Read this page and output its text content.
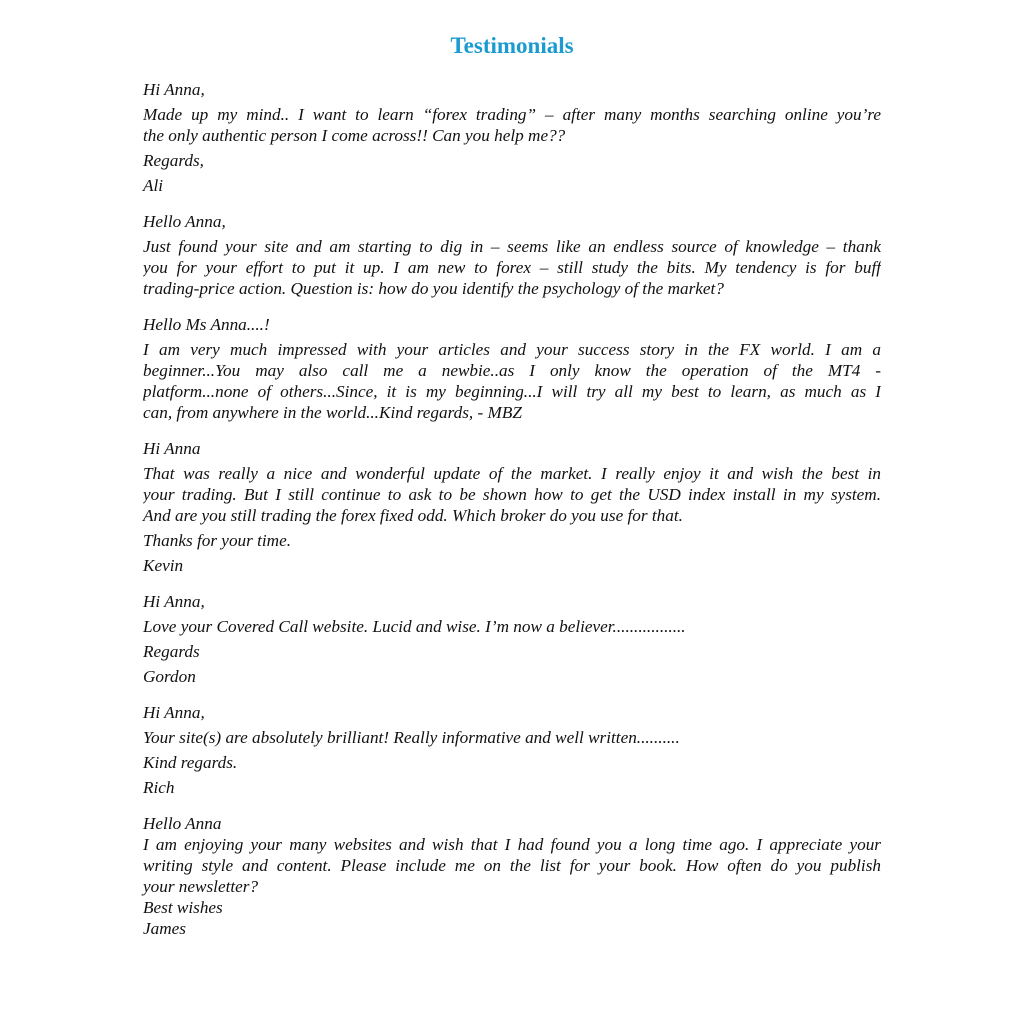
Testimonials
Hi Anna,
Made up my mind.. I want to learn “forex trading” – after many months searching online you’re
the only authentic person I come across!! Can you help me??
Regards,
Ali
Hello Anna,
Just found your site and am starting to dig in – seems like an endless source of knowledge – thank
you for your effort to put it up. I am new to forex – still study the bits. My tendency is for buff
trading-price action. Question is: how do you identify the psychology of the market?
Hello Ms Anna....!
I am very much impressed with your articles and your success story in the FX world. I am a
beginner...You may also call me a newbie..as I only know the operation of the MT4 -
platform...none of others...Since, it is my beginning...I will try all my best to learn, as much as I
can, from anywhere in the world...Kind regards, - MBZ
Hi Anna
That was really a nice and wonderful update of the market. I really enjoy it and wish the best in
your trading. But I still continue to ask to be shown how to get the USD index install in my system.
And are you still trading the forex fixed odd. Which broker do you use for that.
Thanks for your time.
Kevin
Hi Anna,
Love your Covered Call website. Lucid and wise. I’m now a believer.................
Regards
Gordon
Hi Anna,
Your site(s) are absolutely brilliant! Really informative and well written..........
Kind regards.
Rich
Hello Anna
I am enjoying your many websites and wish that I had found you a long time ago. I appreciate your
writing style and content. Please include me on the list for your book. How often do you publish
your newsletter?
Best wishes
James
